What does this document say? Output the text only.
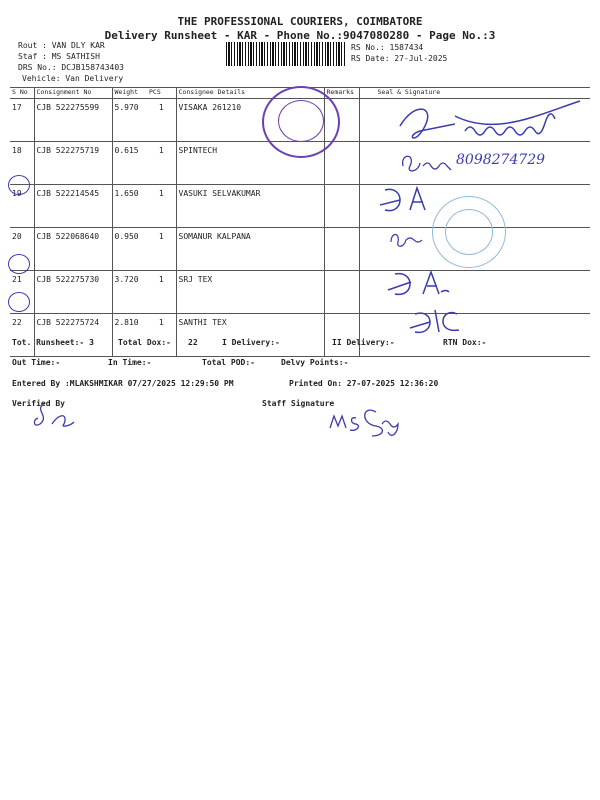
THE PROFESSIONAL COURIERS, COIMBATORE
Delivery Runsheet - KAR - Phone No.:9047080280 - Page No.:3
Rout : VAN DLY KAR
Staf : MS SATHISH
DRS No.: DCJB158743403
Vehicle: Van Delivery
RS No.: 1587434
RS Date: 27-Jul-2025
S No	Consignment No	Weight	PCS	Consignee Details	Remarks	Seal & Signature
17	CJB 522275599	5.970	1	VISAKA 261210		
18	CJB 522275719	0.615	1	SPINTECH		
19	CJB 522214545	1.650	1	VASUKI SELVAKUMAR		
20	CJB 522068640	0.950	1	SOMANUR KALPANA		
21	CJB 522275730	3.720	1	SRJ TEX		
22	CJB 522275724	2.810	1	SANTHI TEX		
8098274729
Tot. Runsheet:- 3	Total Dox:- 22	I Delivery:-	II Delivery:-	RTN Dox:-
Out Time:-	In Time:-	Total POD:-	Delvy Points:-
Entered By :MLAKSHMIKAR 07/27/2025 12:29:50 PM	Printed On: 27-07-2025 12:36:20
Verified By	Staff Signature
